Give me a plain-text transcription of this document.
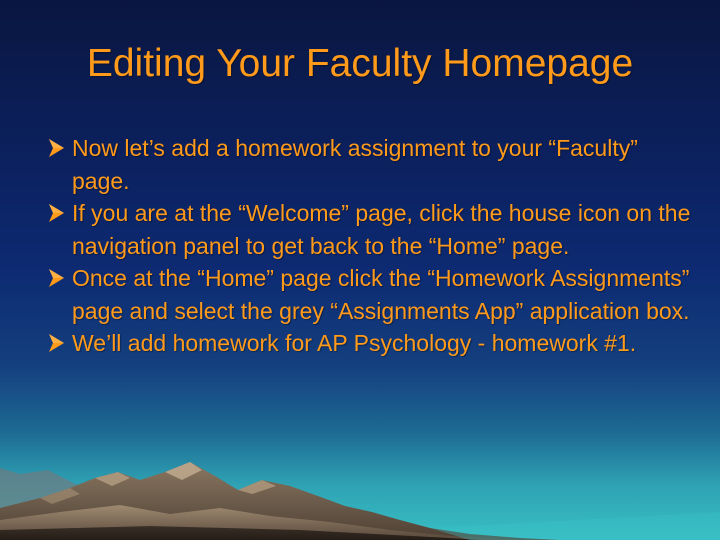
Editing Your Faculty Homepage
Now let’s add a homework assignment to your “Faculty” page.
If you are at the “Welcome” page, click the house icon on the navigation panel to get back to the “Home” page.
Once at the “Home” page click the “Homework Assignments” page and select the grey “Assignments App” application box.
We’ll add homework for AP Psychology - homework #1.
